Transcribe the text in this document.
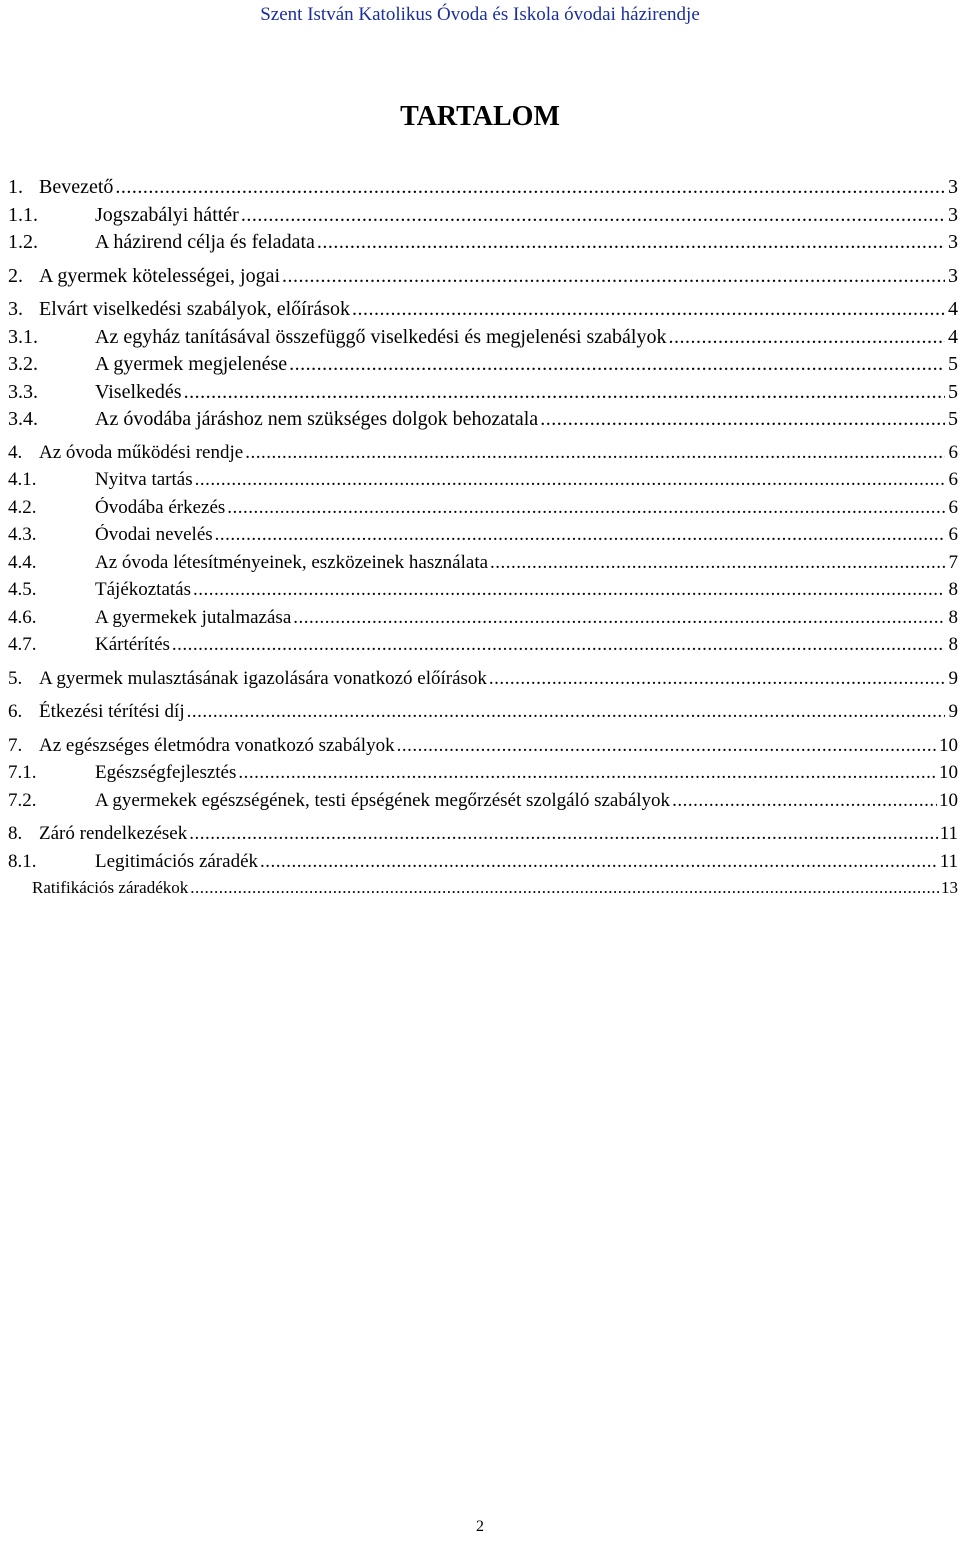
Szent István Katolikus Óvoda és Iskola óvodai házirendje
TARTALOM
1. Bevezető .....	3
1.1.	Jogszabályi háttér .....	3
1.2.	A házirend célja és feladata .....	3
2. A gyermek kötelességei, jogai .....	3
3. Elvárt viselkedési szabályok, előírások .....	4
3.1.	Az egyház tanításával összefüggő viselkedési és megjelenési szabályok .....	4
3.2.	A gyermek megjelenése .....	5
3.3.	Viselkedés .....	5
3.4.	Az óvodába járáshoz nem szükséges dolgok behozatala .....	5
4. Az óvoda működési rendje .....	6
4.1.	Nyitva tartás .....	6
4.2.	Óvodába érkezés .....	6
4.3.	Óvodai nevelés .....	6
4.4.	Az óvoda létesítményeinek, eszközeinek használata .....	7
4.5.	Tájékoztatás .....	8
4.6.	A gyermekek jutalmazása .....	8
4.7.	Kártérítés .....	8
5. A gyermek mulasztásának igazolására vonatkozó előírások .....	9
6. Étkezési térítési díj .....	9
7. Az egészséges életmódra vonatkozó szabályok .....	10
7.1.	Egészségfejlesztés .....	10
7.2.	A gyermekek egészségének, testi épségének megőrzését szolgáló szabályok .....	10
8. Záró rendelkezések .....	11
8.1.	Legitimációs záradék .....	11
Ratifikációs záradékok .....	13
2
